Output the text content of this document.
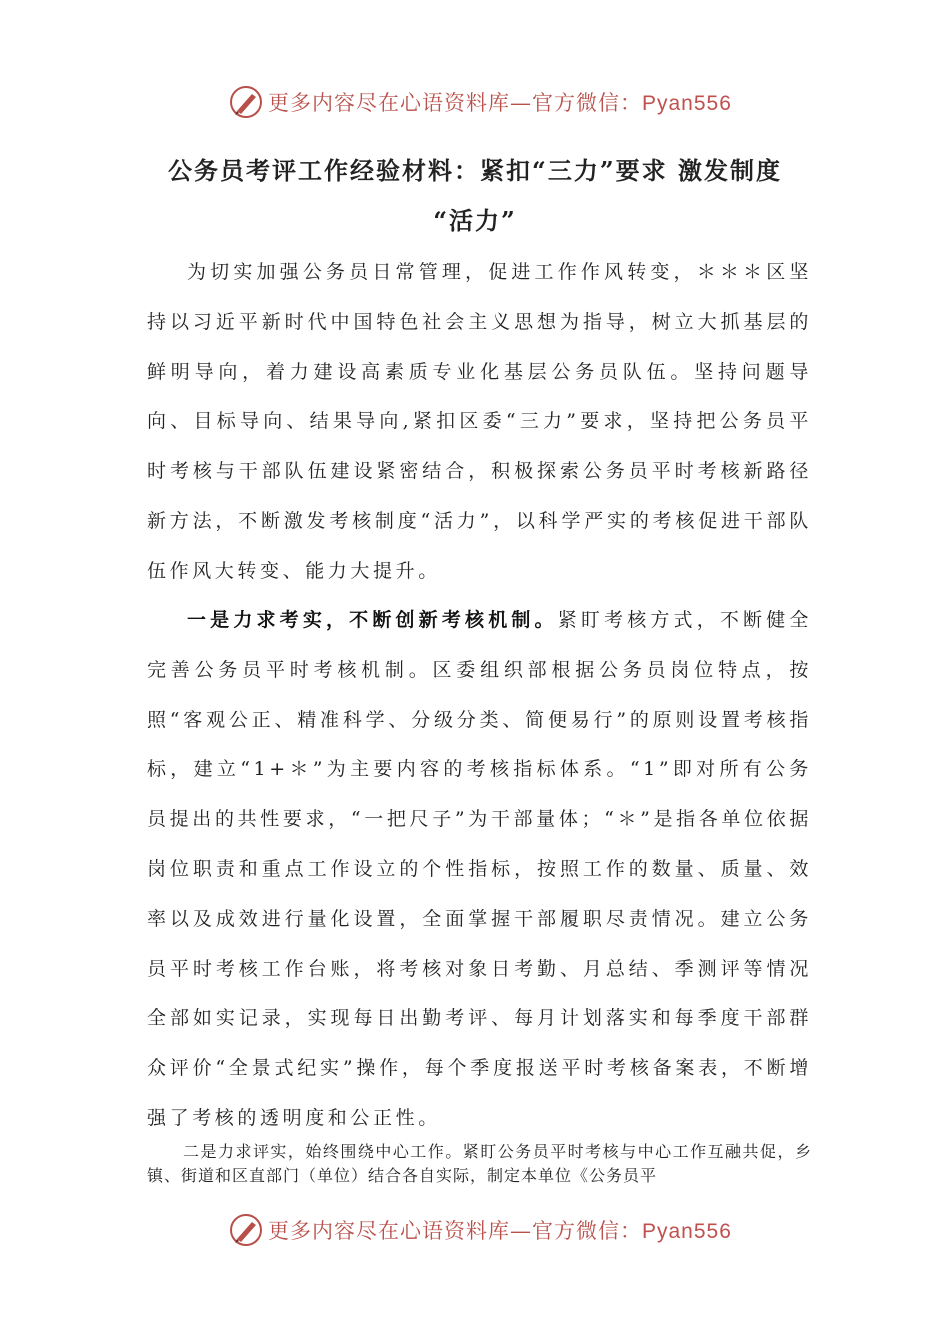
更多内容尽在心语资料库—官方微信：Pyan556
公务员考评工作经验材料：紧扣“三力”要求 激发制度
“活力”
为切实加强公务员日常管理，促进工作作风转变，＊＊＊区坚持以习近平新时代中国特色社会主义思想为指导，树立大抓基层的鲜明导向，着力建设高素质专业化基层公务员队伍。坚持问题导向、目标导向、结果导向,紧扣区委“三力”要求，坚持把公务员平时考核与干部队伍建设紧密结合，积极探索公务员平时考核新路径新方法，不断激发考核制度“活力”，以科学严实的考核促进干部队伍作风大转变、能力大提升。
一是力求考实，不断创新考核机制。紧盯考核方式，不断健全完善公务员平时考核机制。区委组织部根据公务员岗位特点，按照“客观公正、精准科学、分级分类、简便易行”的原则设置考核指标，建立“1+＊”为主要内容的考核指标体系。“1”即对所有公务员提出的共性要求，“一把尺子”为干部量体；“＊”是指各单位依据岗位职责和重点工作设立的个性指标，按照工作的数量、质量、效率以及成效进行量化设置，全面掌握干部履职尽责情况。建立公务员平时考核工作台账，将考核对象日考勤、月总结、季测评等情况全部如实记录，实现每日出勤考评、每月计划落实和每季度干部群众评价“全景式纪实”操作，每个季度报送平时考核备案表，不断增强了考核的透明度和公正性。
二是力求评实，始终围绕中心工作。紧盯公务员平时考核与中心工作互融共促，乡镇、街道和区直部门（单位）结合各自实际，制定本单位《公务员平
更多内容尽在心语资料库—官方微信：Pyan556
